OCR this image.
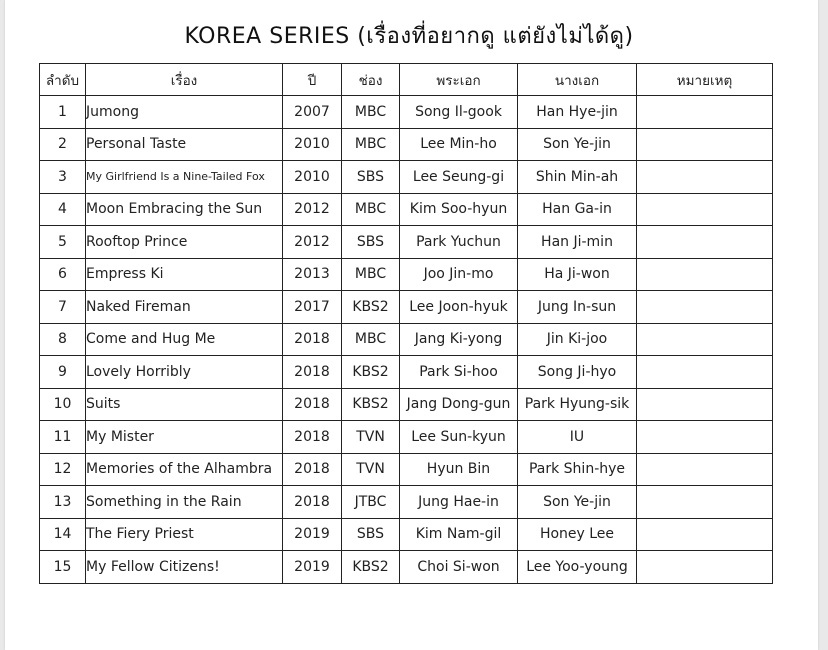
KOREA SERIES (เรื่องที่อยากดู แต่ยังไม่ได้ดู)
ลำดับ	เรื่อง	ปี	ช่อง	พระเอก	นางเอก	หมายเหตุ
1	Jumong	2007	MBC	Song Il-gook	Han Hye-jin	
2	Personal Taste	2010	MBC	Lee Min-ho	Son Ye-jin	
3	My Girlfriend Is a Nine-Tailed Fox	2010	SBS	Lee Seung-gi	Shin Min-ah	
4	Moon Embracing the Sun	2012	MBC	Kim Soo-hyun	Han Ga-in	
5	Rooftop Prince	2012	SBS	Park Yuchun	Han Ji-min	
6	Empress Ki	2013	MBC	Joo Jin-mo	Ha Ji-won	
7	Naked Fireman	2017	KBS2	Lee Joon-hyuk	Jung In-sun	
8	Come and Hug Me	2018	MBC	Jang Ki-yong	Jin Ki-joo	
9	Lovely Horribly	2018	KBS2	Park Si-hoo	Song Ji-hyo	
10	Suits	2018	KBS2	Jang Dong-gun	Park Hyung-sik	
11	My Mister	2018	TVN	Lee Sun-kyun	IU	
12	Memories of the Alhambra	2018	TVN	Hyun Bin	Park Shin-hye	
13	Something in the Rain	2018	JTBC	Jung Hae-in	Son Ye-jin	
14	The Fiery Priest	2019	SBS	Kim Nam-gil	Honey Lee	
15	My Fellow Citizens!	2019	KBS2	Choi Si-won	Lee Yoo-young	
